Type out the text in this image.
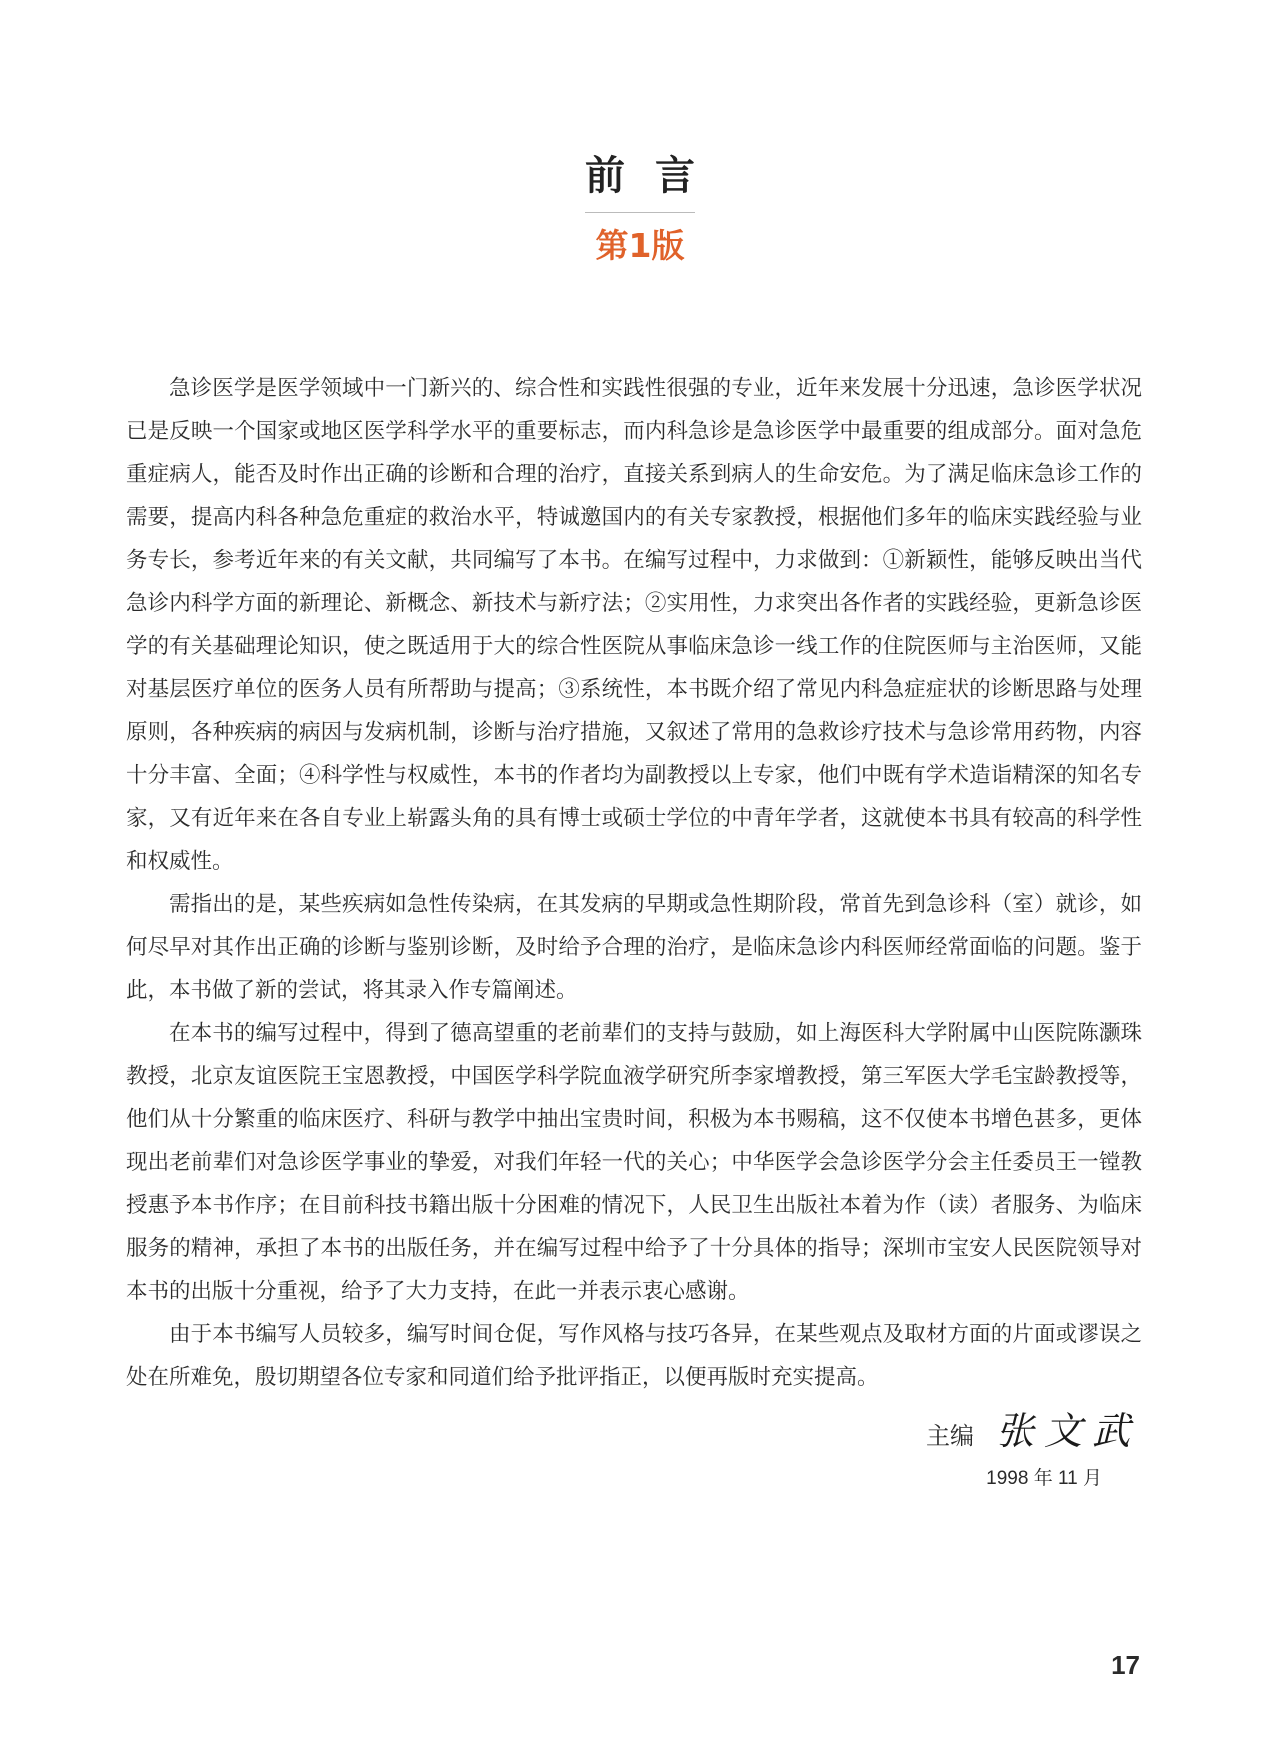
前言
第1版

急诊医学是医学领域中一门新兴的、综合性和实践性很强的专业，近年来发展十分迅速，急诊医学状况已是反映一个国家或地区医学科学水平的重要标志，而内科急诊是急诊医学中最重要的组成部分。面对急危重症病人，能否及时作出正确的诊断和合理的治疗，直接关系到病人的生命安危。为了满足临床急诊工作的需要，提高内科各种急危重症的救治水平，特诚邀国内的有关专家教授，根据他们多年的临床实践经验与业务专长，参考近年来的有关文献，共同编写了本书。在编写过程中，力求做到：①新颖性，能够反映出当代急诊内科学方面的新理论、新概念、新技术与新疗法；②实用性，力求突出各作者的实践经验，更新急诊医学的有关基础理论知识，使之既适用于大的综合性医院从事临床急诊一线工作的住院医师与主治医师，又能对基层医疗单位的医务人员有所帮助与提高；③系统性，本书既介绍了常见内科急症症状的诊断思路与处理原则，各种疾病的病因与发病机制，诊断与治疗措施，又叙述了常用的急救诊疗技术与急诊常用药物，内容十分丰富、全面；④科学性与权威性，本书的作者均为副教授以上专家，他们中既有学术造诣精深的知名专家，又有近年来在各自专业上崭露头角的具有博士或硕士学位的中青年学者，这就使本书具有较高的科学性和权威性。

需指出的是，某些疾病如急性传染病，在其发病的早期或急性期阶段，常首先到急诊科（室）就诊，如何尽早对其作出正确的诊断与鉴别诊断，及时给予合理的治疗，是临床急诊内科医师经常面临的问题。鉴于此，本书做了新的尝试，将其录入作专篇阐述。

在本书的编写过程中，得到了德高望重的老前辈们的支持与鼓励，如上海医科大学附属中山医院陈灏珠教授，北京友谊医院王宝恩教授，中国医学科学院血液学研究所李家增教授，第三军医大学毛宝龄教授等，他们从十分繁重的临床医疗、科研与教学中抽出宝贵时间，积极为本书赐稿，这不仅使本书增色甚多，更体现出老前辈们对急诊医学事业的挚爱，对我们年轻一代的关心；中华医学会急诊医学分会主任委员王一镗教授惠予本书作序；在目前科技书籍出版十分困难的情况下，人民卫生出版社本着为作（读）者服务、为临床服务的精神，承担了本书的出版任务，并在编写过程中给予了十分具体的指导；深圳市宝安人民医院领导对本书的出版十分重视，给予了大力支持，在此一并表示衷心感谢。

由于本书编写人员较多，编写时间仓促，写作风格与技巧各异，在某些观点及取材方面的片面或谬误之处在所难免，殷切期望各位专家和同道们给予批评指正，以便再版时充实提高。

主编 张文武
1998 年 11 月
17
